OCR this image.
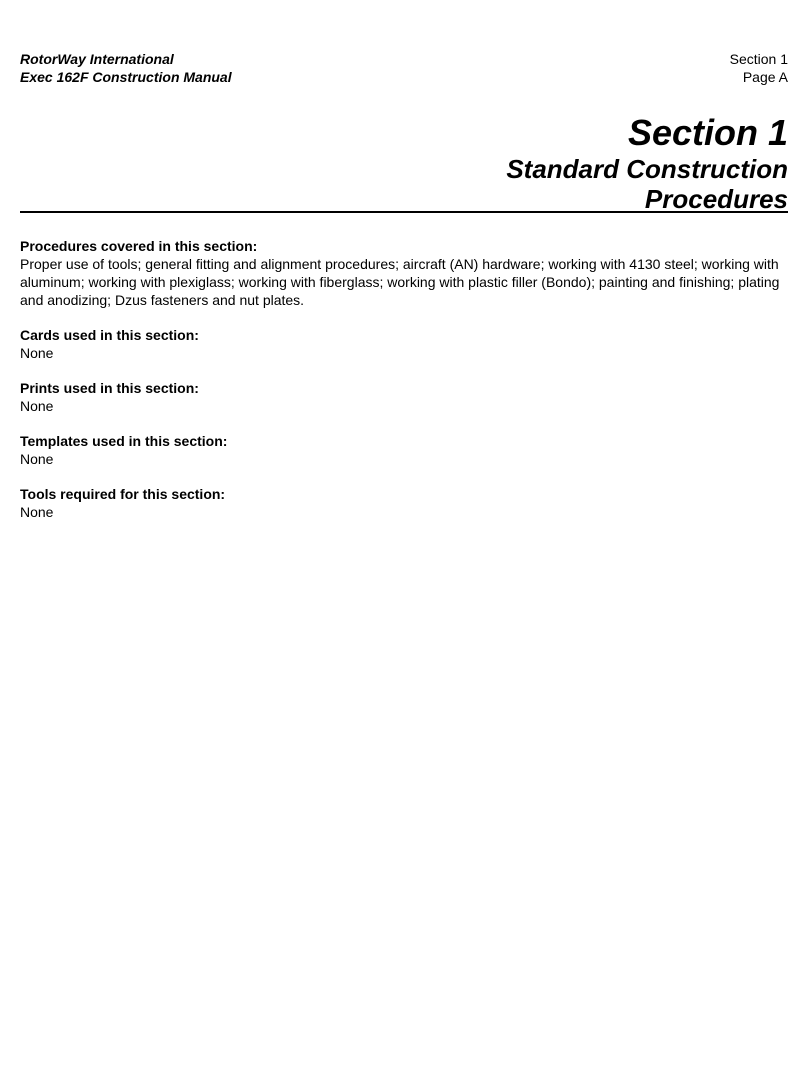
RotorWay International
Exec 162F Construction Manual
Section 1
Page A
Section 1
Standard Construction
Procedures
Procedures covered in this section:
Proper use of tools; general fitting and alignment procedures; aircraft (AN) hardware; working with 4130 steel; working with aluminum; working with plexiglass; working with fiberglass; working with plastic filler (Bondo); painting and finishing; plating and anodizing; Dzus fasteners and nut plates.
Cards used in this section:
None
Prints used in this section:
None
Templates used in this section:
None
Tools required for this section:
None
